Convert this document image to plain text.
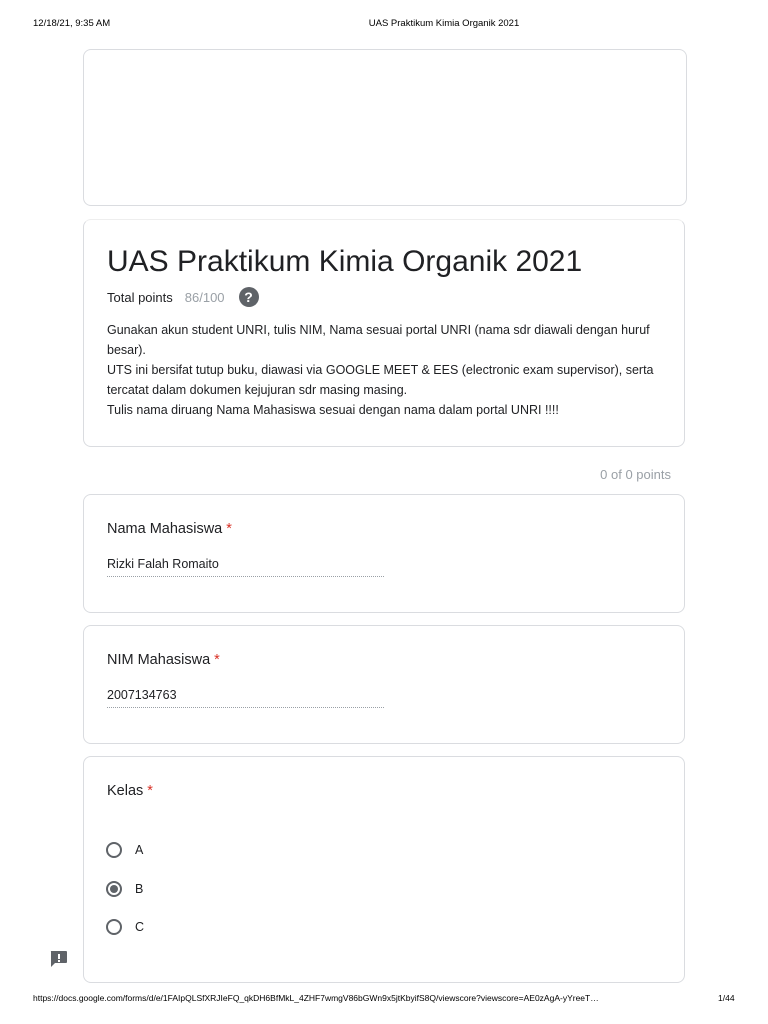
12/18/21, 9:35 AM	UAS Praktikum Kimia Organik 2021
UAS Praktikum Kimia Organik 2021
Total points 86/100	?

Gunakan akun student UNRI, tulis NIM, Nama sesuai portal UNRI (nama sdr diawali dengan huruf besar).

UTS ini bersifat tutup buku, diawasi via GOOGLE MEET & EES (electronic exam supervisor), serta tercatat dalam dokumen kejujuran sdr masing masing.

Tulis nama diruang Nama Mahasiswa sesuai dengan nama dalam portal UNRI !!!!

0 of 0 points
Nama Mahasiswa *
Rizki Falah Romaito
NIM Mahasiswa *
2007134763
Kelas *
A
B
C
https://docs.google.com/forms/d/e/1FAIpQLSfXRJIeFQ_qkDH6BfMkL_4ZHF7wmgV86bGWn9x5jtKbyifS8Q/viewscore?viewscore=AE0zAgA-yYreeT…	1/44
